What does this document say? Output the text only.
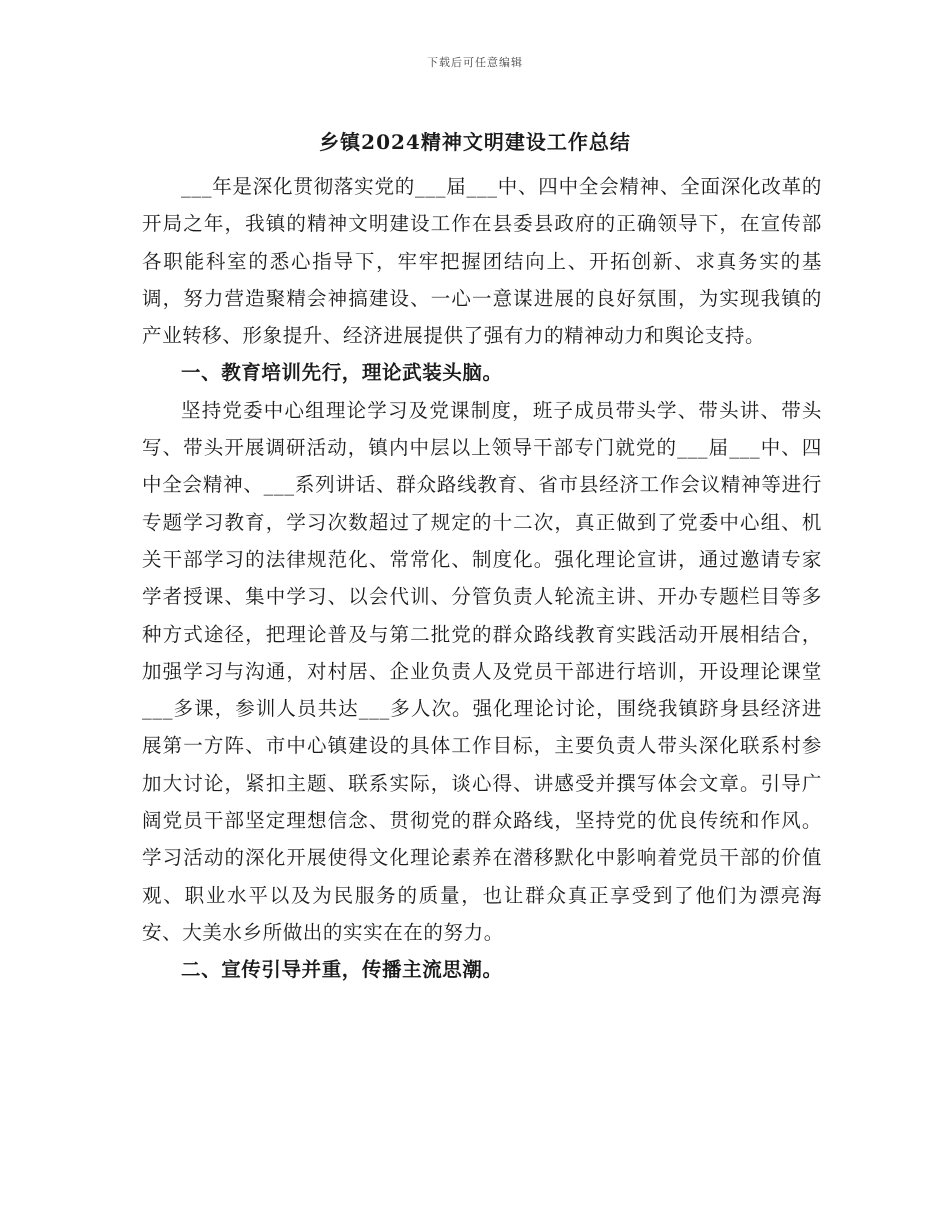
下载后可任意编辑
乡镇2024精神文明建设工作总结

___年是深化贯彻落实党的___届___中、四中全会精神、全面深化改革的开局之年，我镇的精神文明建设工作在县委县政府的正确领导下，在宣传部各职能科室的悉心指导下，牢牢把握团结向上、开拓创新、求真务实的基调，努力营造聚精会神搞建设、一心一意谋进展的良好氛围，为实现我镇的产业转移、形象提升、经济进展提供了强有力的精神动力和舆论支持。

一、教育培训先行，理论武装头脑。

坚持党委中心组理论学习及党课制度，班子成员带头学、带头讲、带头写、带头开展调研活动，镇内中层以上领导干部专门就党的___届___中、四中全会精神、___系列讲话、群众路线教育、省市县经济工作会议精神等进行专题学习教育，学习次数超过了规定的十二次，真正做到了党委中心组、机关干部学习的法律规范化、常常化、制度化。强化理论宣讲，通过邀请专家学者授课、集中学习、以会代训、分管负责人轮流主讲、开办专题栏目等多种方式途径，把理论普及与第二批党的群众路线教育实践活动开展相结合，加强学习与沟通，对村居、企业负责人及党员干部进行培训，开设理论课堂___多课，参训人员共达___多人次。强化理论讨论，围绕我镇跻身县经济进展第一方阵、市中心镇建设的具体工作目标，主要负责人带头深化联系村参加大讨论，紧扣主题、联系实际，谈心得、讲感受并撰写体会文章。引导广阔党员干部坚定理想信念、贯彻党的群众路线，坚持党的优良传统和作风。学习活动的深化开展使得文化理论素养在潜移默化中影响着党员干部的价值观、职业水平以及为民服务的质量，也让群众真正享受到了他们为漂亮海安、大美水乡所做出的实实在在的努力。

二、宣传引导并重，传播主流思潮。
